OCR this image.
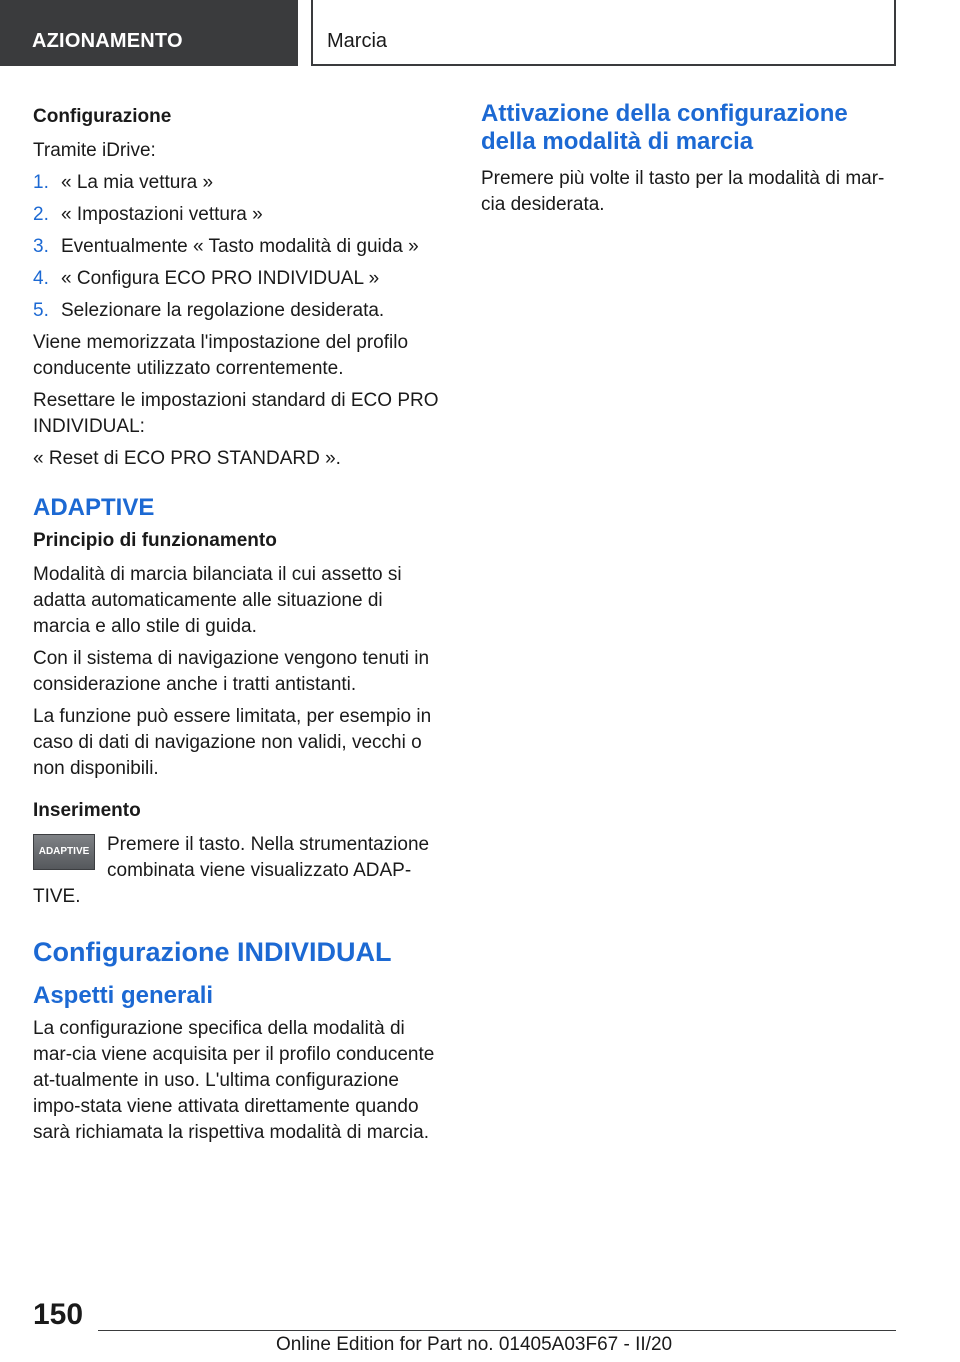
AZIONAMENTO	Marcia
Configurazione

Tramite iDrive:

1. « La mia vettura »
2. « Impostazioni vettura »
3. Eventualmente « Tasto modalità di guida »
4. « Configura ECO PRO INDIVIDUAL »
5. Selezionare la regolazione desiderata.

Viene memorizzata l'impostazione del profilo conducente utilizzato correntemente.

Resettare le impostazioni standard di ECO PRO INDIVIDUAL:

« Reset di ECO PRO STANDARD ».

ADAPTIVE
Principio di funzionamento

Modalità di marcia bilanciata il cui assetto si adatta automaticamente alle situazione di marcia e allo stile di guida.

Con il sistema di navigazione vengono tenuti in considerazione anche i tratti antistanti.

La funzione può essere limitata, per esempio in caso di dati di navigazione non validi, vecchi o non disponibili.

Inserimento
ADAPTIVE Premere il tasto. Nella strumentazione combinata viene visualizzato ADAP‐TIVE.

Configurazione INDIVIDUAL
Aspetti generali

La configurazione specifica della modalità di mar‐cia viene acquisita per il profilo conducente at‐tualmente in uso. L'ultima configurazione impo‐stata viene attivata direttamente quando sarà richiamata la rispettiva modalità di marcia.

Attivazione della configurazione della modalità di marcia

Premere più volte il tasto per la modalità di mar‐cia desiderata.

150
Online Edition for Part no. 01405A03F67 - II/20
